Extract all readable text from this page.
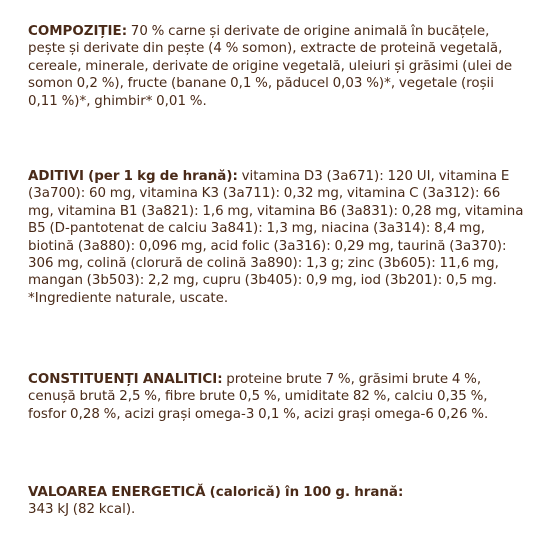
COMPOZIȚIE: 70 % carne și derivate de origine animală în bucățele, pește și derivate din pește (4 % somon), extracte de proteină vegetală, cereale, minerale, derivate de origine vegetală, uleiuri și grăsimi (ulei de somon 0,2 %), fructe (banane 0,1 %, păducel 0,03 %)*, vegetale (roșii 0,11 %)*, ghimbir* 0,01 %.

ADITIVI (per 1 kg de hrană): vitamina D3 (3a671): 120 UI, vitamina E (3a700): 60 mg, vitamina K3 (3a711): 0,32 mg, vitamina C (3a312): 66 mg, vitamina B1 (3a821): 1,6 mg, vitamina B6 (3a831): 0,28 mg, vitamina B5 (D-pantotenat de calciu 3a841): 1,3 mg, niacina (3a314): 8,4 mg, biotină (3a880): 0,096 mg, acid folic (3a316): 0,29 mg, taurină (3a370): 306 mg, colină (clorură de colină 3a890): 1,3 g; zinc (3b605): 11,6 mg, mangan (3b503): 2,2 mg, cupru (3b405): 0,9 mg, iod (3b201): 0,5 mg. *Ingrediente naturale, uscate.

CONSTITUENȚI ANALITICI: proteine brute 7 %, grăsimi brute 4 %, cenușă brută 2,5 %, fibre brute 0,5 %, umiditate 82 %, calciu 0,35 %, fosfor 0,28 %, acizi grași omega-3 0,1 %, acizi grași omega-6 0,26 %.

VALOAREA ENERGETICĂ (calorică) în 100 g. hrană:
343 kJ (82 kcal).
